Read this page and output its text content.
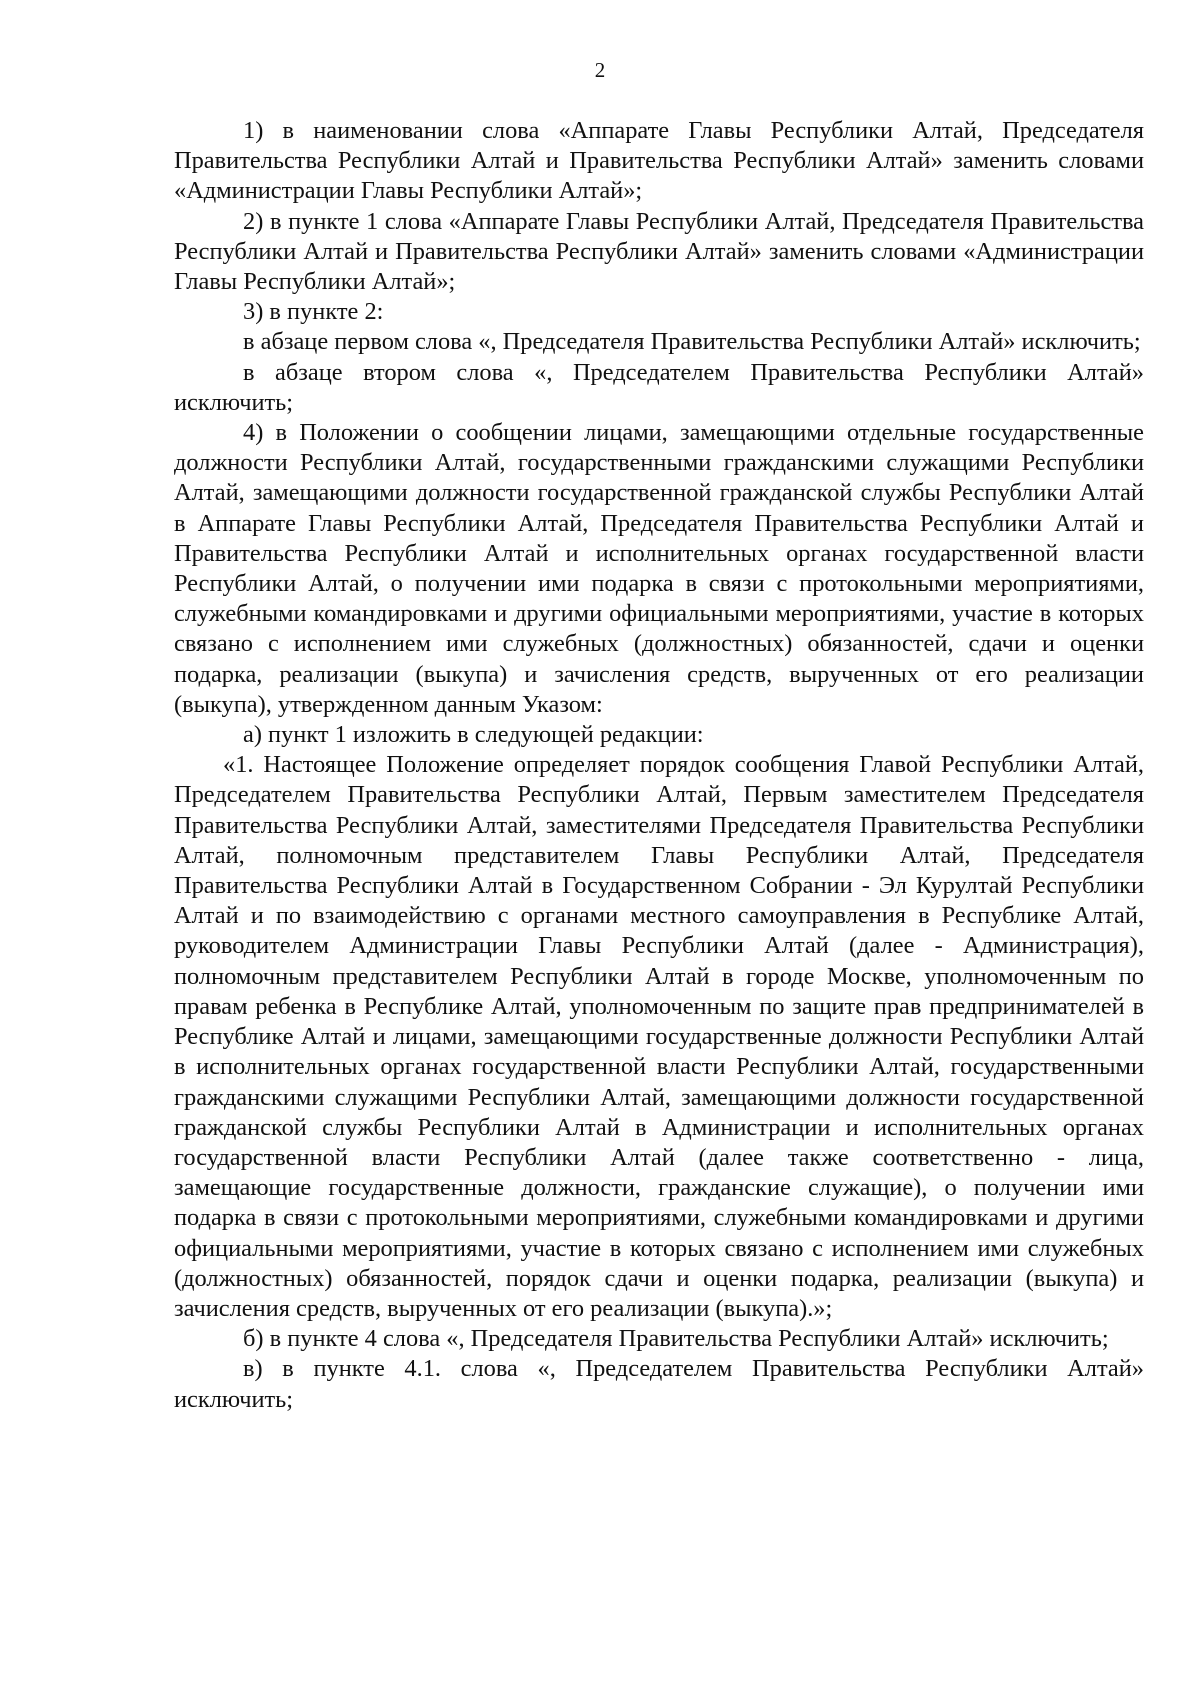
2

1) в наименовании слова «Аппарате Главы Республики Алтай, Председателя Правительства Республики Алтай и Правительства Республики Алтай» заменить словами «Администрации Главы Республики Алтай»;

2) в пункте 1 слова «Аппарате Главы Республики Алтай, Председателя Правительства Республики Алтай и Правительства Республики Алтай» заменить словами «Администрации Главы Республики Алтай»;

3) в пункте 2:

в абзаце первом слова «, Председателя Правительства Республики Алтай» исключить;

в абзаце втором слова «, Председателем Правительства Республики Алтай» исключить;

4) в Положении о сообщении лицами, замещающими отдельные государственные должности Республики Алтай, государственными гражданскими служащими Республики Алтай, замещающими должности государственной гражданской службы Республики Алтай в Аппарате Главы Республики Алтай, Председателя Правительства Республики Алтай и Правительства Республики Алтай и исполнительных органах государственной власти Республики Алтай, о получении ими подарка в связи с протокольными мероприятиями, служебными командировками и другими официальными мероприятиями, участие в которых связано с исполнением ими служебных (должностных) обязанностей, сдачи и оценки подарка, реализации (выкупа) и зачисления средств, вырученных от его реализации (выкупа), утвержденном данным Указом:

а) пункт 1 изложить в следующей редакции:

«1. Настоящее Положение определяет порядок сообщения Главой Республики Алтай, Председателем Правительства Республики Алтай, Первым заместителем Председателя Правительства Республики Алтай, заместителями Председателя Правительства Республики Алтай, полномочным представителем Главы Республики Алтай, Председателя Правительства Республики Алтай в Государственном Собрании - Эл Курултай Республики Алтай и по взаимодействию с органами местного самоуправления в Республике Алтай, руководителем Администрации Главы Республики Алтай (далее - Администрация), полномочным представителем Республики Алтай в городе Москве, уполномоченным по правам ребенка в Республике Алтай, уполномоченным по защите прав предпринимателей в Республике Алтай и лицами, замещающими государственные должности Республики Алтай в исполнительных органах государственной власти Республики Алтай, государственными гражданскими служащими Республики Алтай, замещающими должности государственной гражданской службы Республики Алтай в Администрации и исполнительных органах государственной власти Республики Алтай (далее также соответственно - лица, замещающие государственные должности, гражданские служащие), о получении ими подарка в связи с протокольными мероприятиями, служебными командировками и другими официальными мероприятиями, участие в которых связано с исполнением ими служебных (должностных) обязанностей, порядок сдачи и оценки подарка, реализации (выкупа) и зачисления средств, вырученных от его реализации (выкупа).»;

б) в пункте 4 слова «, Председателя Правительства Республики Алтай» исключить;

в) в пункте 4.1. слова «, Председателем Правительства Республики Алтай» исключить;
